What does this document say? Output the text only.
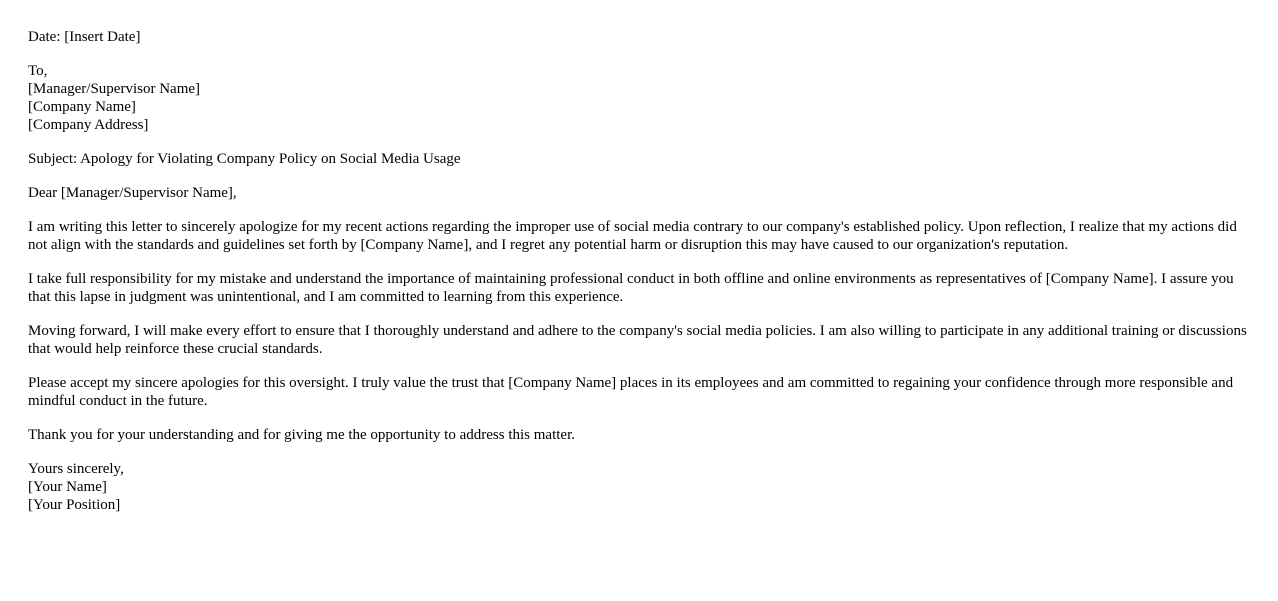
Date: [Insert Date]
To,
[Manager/Supervisor Name]
[Company Name]
[Company Address]
Subject: Apology for Violating Company Policy on Social Media Usage
Dear [Manager/Supervisor Name],
I am writing this letter to sincerely apologize for my recent actions regarding the improper use of social media contrary to our company's established policy. Upon reflection, I realize that my actions did not align with the standards and guidelines set forth by [Company Name], and I regret any potential harm or disruption this may have caused to our organization's reputation.
I take full responsibility for my mistake and understand the importance of maintaining professional conduct in both offline and online environments as representatives of [Company Name]. I assure you that this lapse in judgment was unintentional, and I am committed to learning from this experience.
Moving forward, I will make every effort to ensure that I thoroughly understand and adhere to the company's social media policies. I am also willing to participate in any additional training or discussions that would help reinforce these crucial standards.
Please accept my sincere apologies for this oversight. I truly value the trust that [Company Name] places in its employees and am committed to regaining your confidence through more responsible and mindful conduct in the future.
Thank you for your understanding and for giving me the opportunity to address this matter.
Yours sincerely,
[Your Name]
[Your Position]
